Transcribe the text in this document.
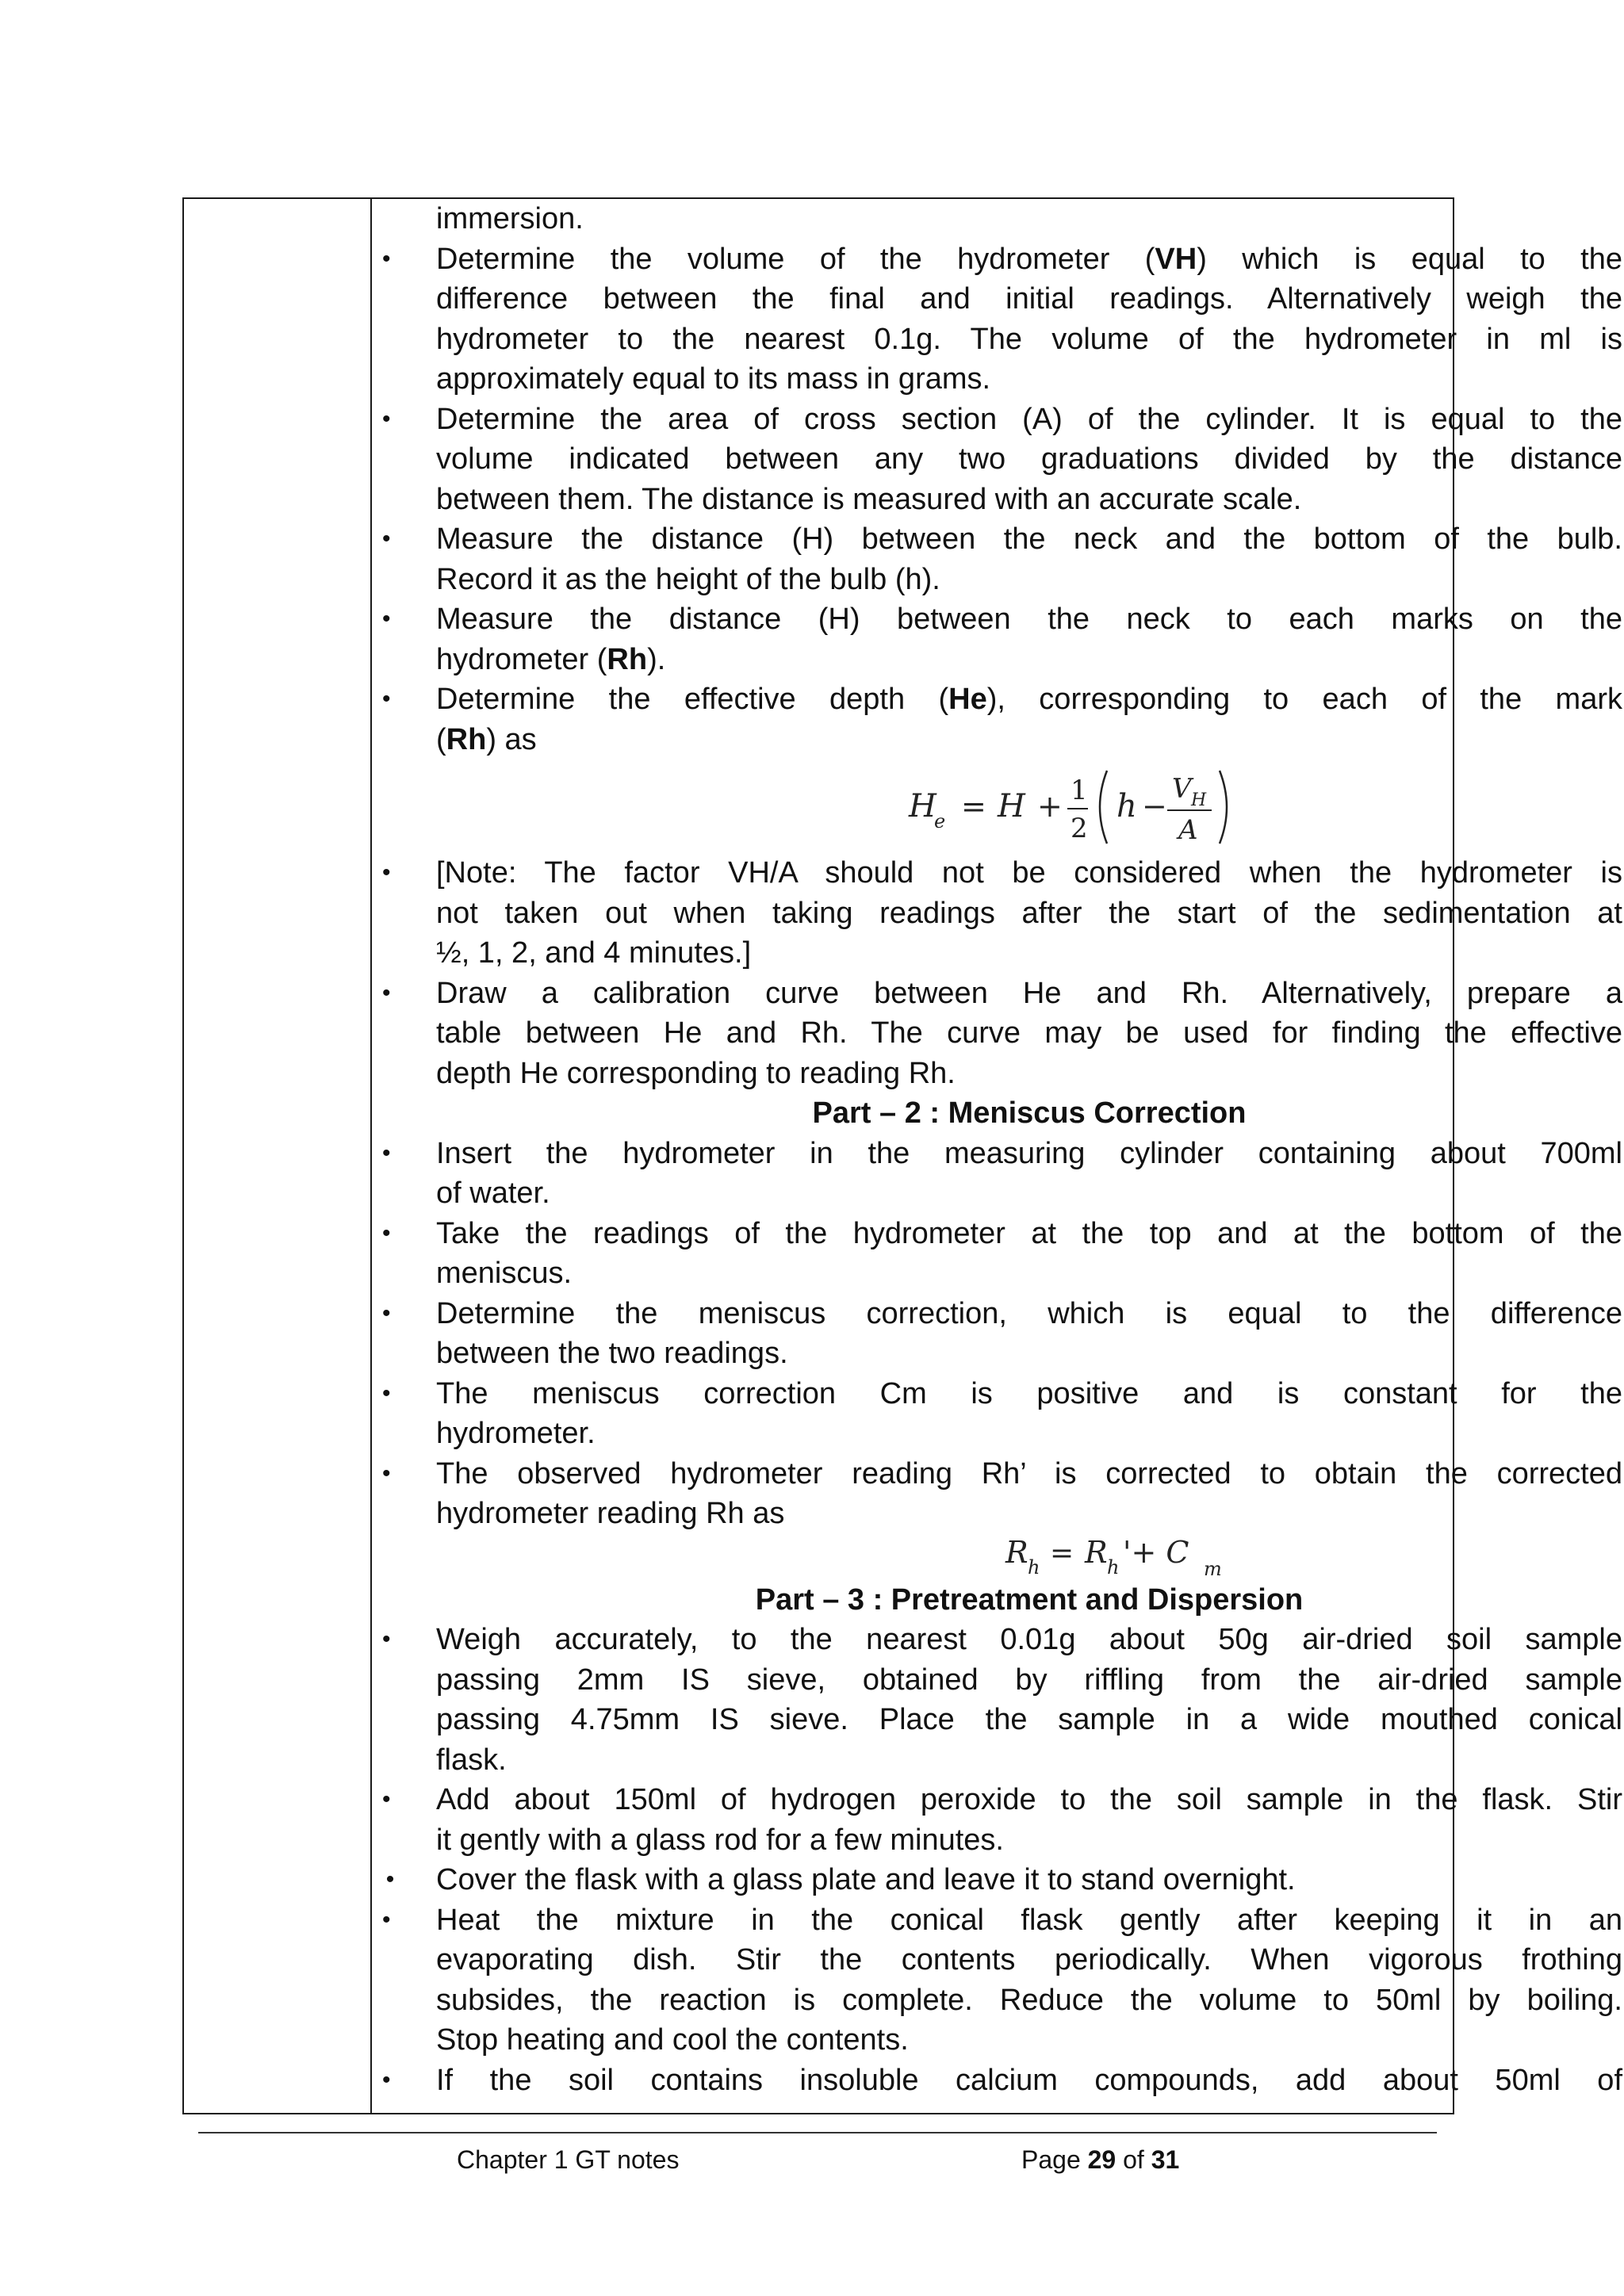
immersion.
• Determine the volume of the hydrometer (VH) which is equal to the
difference between the final and initial readings. Alternatively weigh the
hydrometer to the nearest 0.1g. The volume of the hydrometer in ml is
approximately equal to its mass in grams.
• Determine the area of cross section (A) of the cylinder. It is equal to the
volume indicated between any two graduations divided by the distance
between them. The distance is measured with an accurate scale.
• Measure the distance (H) between the neck and the bottom of the bulb.
Record it as the height of the bulb (h).
• Measure the distance (H) between the neck to each marks on the
hydrometer (Rh).
• Determine the effective depth (He), corresponding to each of the mark
(Rh) as
H
e = H + 1
2
h − V H
A
• [Note: The factor VH/A should not be considered when the hydrometer is
not taken out when taking readings after the start of the sedimentation at
½, 1, 2, and 4 minutes.]
• Draw a calibration curve between He and Rh. Alternatively, prepare a
table between He and Rh. The curve may be used for finding the effective
depth He corresponding to reading Rh.
Part – 2 : Meniscus Correction
• Insert the hydrometer in the measuring cylinder containing about 700ml
of water.
• Take the readings of the hydrometer at the top and at the bottom of the
meniscus.
• Determine the meniscus correction, which is equal to the difference
between the two readings.
• The meniscus correction Cm is positive and is constant for the
hydrometer.
• The observed hydrometer reading Rh’ is corrected to obtain the corrected
hydrometer reading Rh as
R h = R h '+ C m
Part – 3 : Pretreatment and Dispersion
• Weigh accurately, to the nearest 0.01g about 50g air-dried soil sample
passing 2mm IS sieve, obtained by riffling from the air-dried sample
passing 4.75mm IS sieve. Place the sample in a wide mouthed conical
flask.
• Add about 150ml of hydrogen peroxide to the soil sample in the flask. Stir
it gently with a glass rod for a few minutes.
• Cover the flask with a glass plate and leave it to stand overnight.
• Heat the mixture in the conical flask gently after keeping it in an
evaporating dish. Stir the contents periodically. When vigorous frothing
subsides, the reaction is complete. Reduce the volume to 50ml by boiling.
Stop heating and cool the contents.
• If the soil contains insoluble calcium compounds, add about 50ml of
Chapter 1 GT notes	Page 29 of 31
